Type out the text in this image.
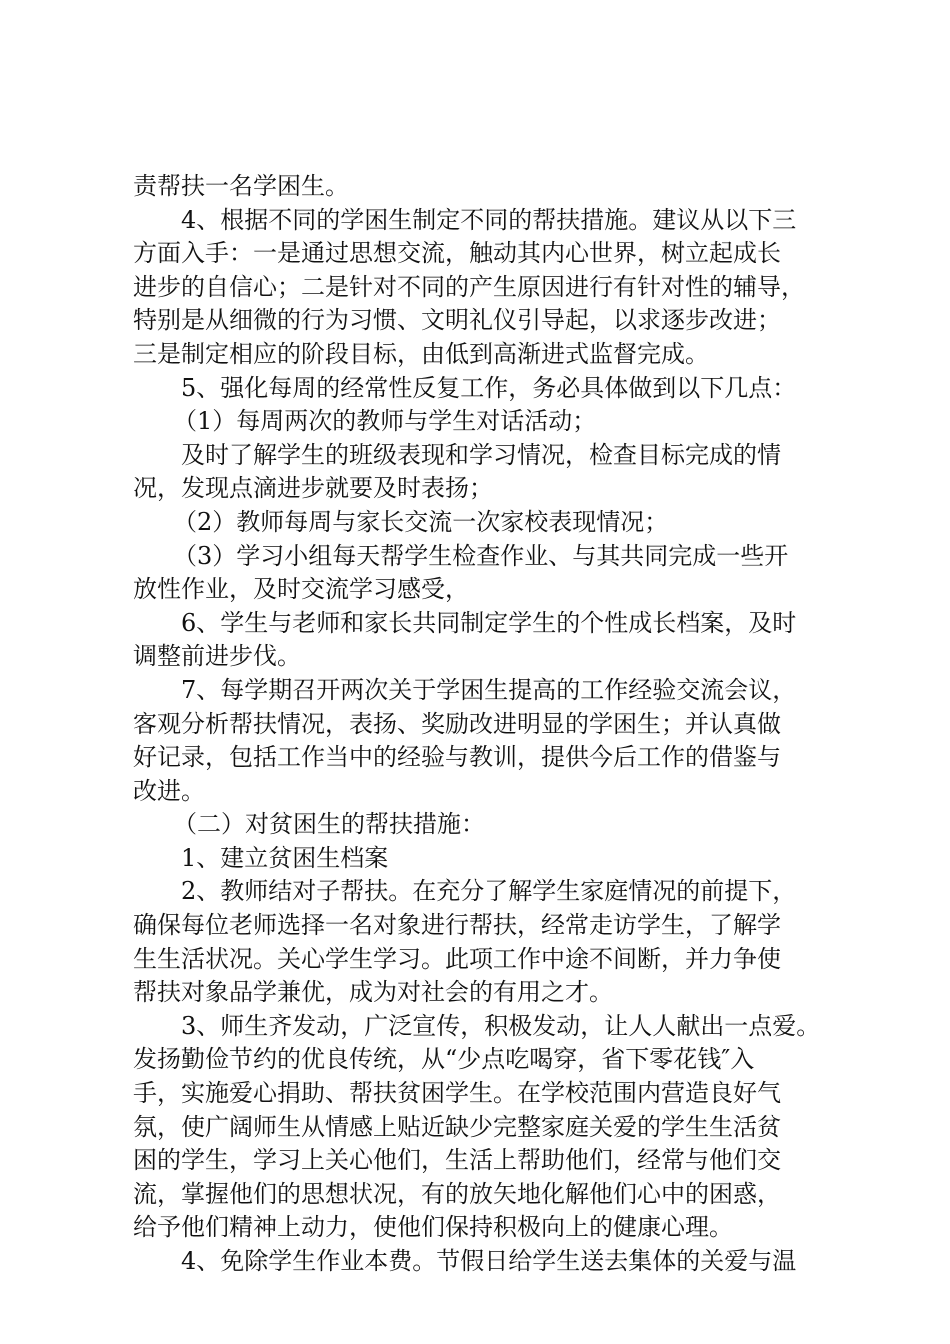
责帮扶一名学困生。
4、根据不同的学困生制定不同的帮扶措施。建议从以下三
方面入手：一是通过思想交流，触动其内心世界，树立起成长
进步的自信心；二是针对不同的产生原因进行有针对性的辅导，
特别是从细微的行为习惯、文明礼仪引导起，以求逐步改进；
三是制定相应的阶段目标，由低到高渐进式监督完成。
5、强化每周的经常性反复工作，务必具体做到以下几点：
（1）每周两次的教师与学生对话活动；
及时了解学生的班级表现和学习情况，检查目标完成的情
况，发现点滴进步就要及时表扬；
（2）教师每周与家长交流一次家校表现情况；
（3）学习小组每天帮学生检查作业、与其共同完成一些开
放性作业，及时交流学习感受，
6、学生与老师和家长共同制定学生的个性成长档案，及时
调整前进步伐。
7、每学期召开两次关于学困生提高的工作经验交流会议，
客观分析帮扶情况，表扬、奖励改进明显的学困生；并认真做
好记录，包括工作当中的经验与教训，提供今后工作的借鉴与
改进。
（二）对贫困生的帮扶措施：
1、建立贫困生档案
2、教师结对子帮扶。在充分了解学生家庭情况的前提下，
确保每位老师选择一名对象进行帮扶，经常走访学生，了解学
生生活状况。关心学生学习。此项工作中途不间断，并力争使
帮扶对象品学兼优，成为对社会的有用之才。
3、师生齐发动，广泛宣传，积极发动，让人人献出一点爱。
发扬勤俭节约的优良传统，从“少点吃喝穿，省下零花钱″入
手，实施爱心捐助、帮扶贫困学生。在学校范围内营造良好气
氛，使广阔师生从情感上贴近缺少完整家庭关爱的学生生活贫
困的学生，学习上关心他们，生活上帮助他们，经常与他们交
流，掌握他们的思想状况，有的放矢地化解他们心中的困惑，
给予他们精神上动力，使他们保持积极向上的健康心理。
4、免除学生作业本费。节假日给学生送去集体的关爱与温
